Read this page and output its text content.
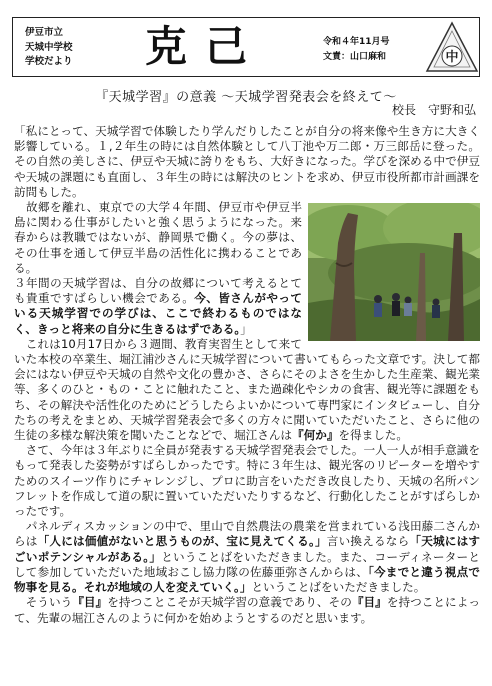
伊豆市立
天城中学校
学校だより 克己	令和４年11月号
文責：山口麻和	中
『天城学習』の意義 ～天城学習発表会を終えて～
校長　守野和弘

「私にとって、天城学習で体験したり学んだりしたことが自分の将来像や生き方に大きく影響している。１,２年生の時には自然体験として八丁池や万二郎・万三郎岳に登った。その自然の美しさに、伊豆や天城に誇りをもち、大好きになった。学びを深める中で伊豆や天城の課題にも直面し、３年生の時には解決のヒントを求め、伊豆市役所都市計画課を訪問もした。

　故郷を離れ、東京での大学４年間、伊豆市や伊豆半島に関わる仕事がしたいと強く思うようになった。来春からは教職ではないが、静岡県で働く。今の夢は、その仕事を通して伊豆半島の活性化に携わることである。

３年間の天城学習は、自分の故郷について考えるとても貴重ですばらしい機会である。今、皆さんがやっている天城学習での学びは、ここで終わるものではなく、きっと将来の自分に生きるはずである。」

　これは10月17日から３週間、教育実習生として来ていた本校の卒業生、堀江浦沙さんに天城学習について書いてもらった文章です。決して都会にはない伊豆や天城の自然や文化の豊かさ、さらにそのよさを生かした生産業、観光業等、多くのひと・もの・ことに触れたこと、また過疎化やシカの食害、観光等に課題をもち、その解決や活性化のためにどうしたらよいかについて専門家にインタビューし、自分たちの考えをまとめ、天城学習発表会で多くの方々に聞いていただいたこと、さらに他の生徒の多様な解決策を聞いたことなどで、堀江さんは『何か』を得ました。

　さて、今年は３年ぶりに全員が発表する天城学習発表会でした。一人一人が相手意識をもって発表した姿勢がすばらしかったです。特に３年生は、観光客のリピーターを増やすためのスイーツ作りにチャレンジし、プロに助言をいただき改良したり、天城の名所パンフレットを作成して道の駅に置いていただいたりするなど、行動化したことがすばらしかったです。

　パネルディスカッションの中で、里山で自然農法の農業を営まれている浅田藤二さんからは「人には価値がないと思うものが、宝に見えてくる。」言い換えるなら「天城にはすごいポテンシャルがある。」ということばをいただきました。また、コーディネーターとして参加していただいた地域おこし協力隊の佐藤亜弥さんからは、「今までと違う視点で物事を見る。それが地域の人を変えていく。」ということばをいただきました。

　そういう『目』を持つことこそが天城学習の意義であり、その『目』を持つことによって、先輩の堀江さんのように何かを始めようとするのだと思います。
